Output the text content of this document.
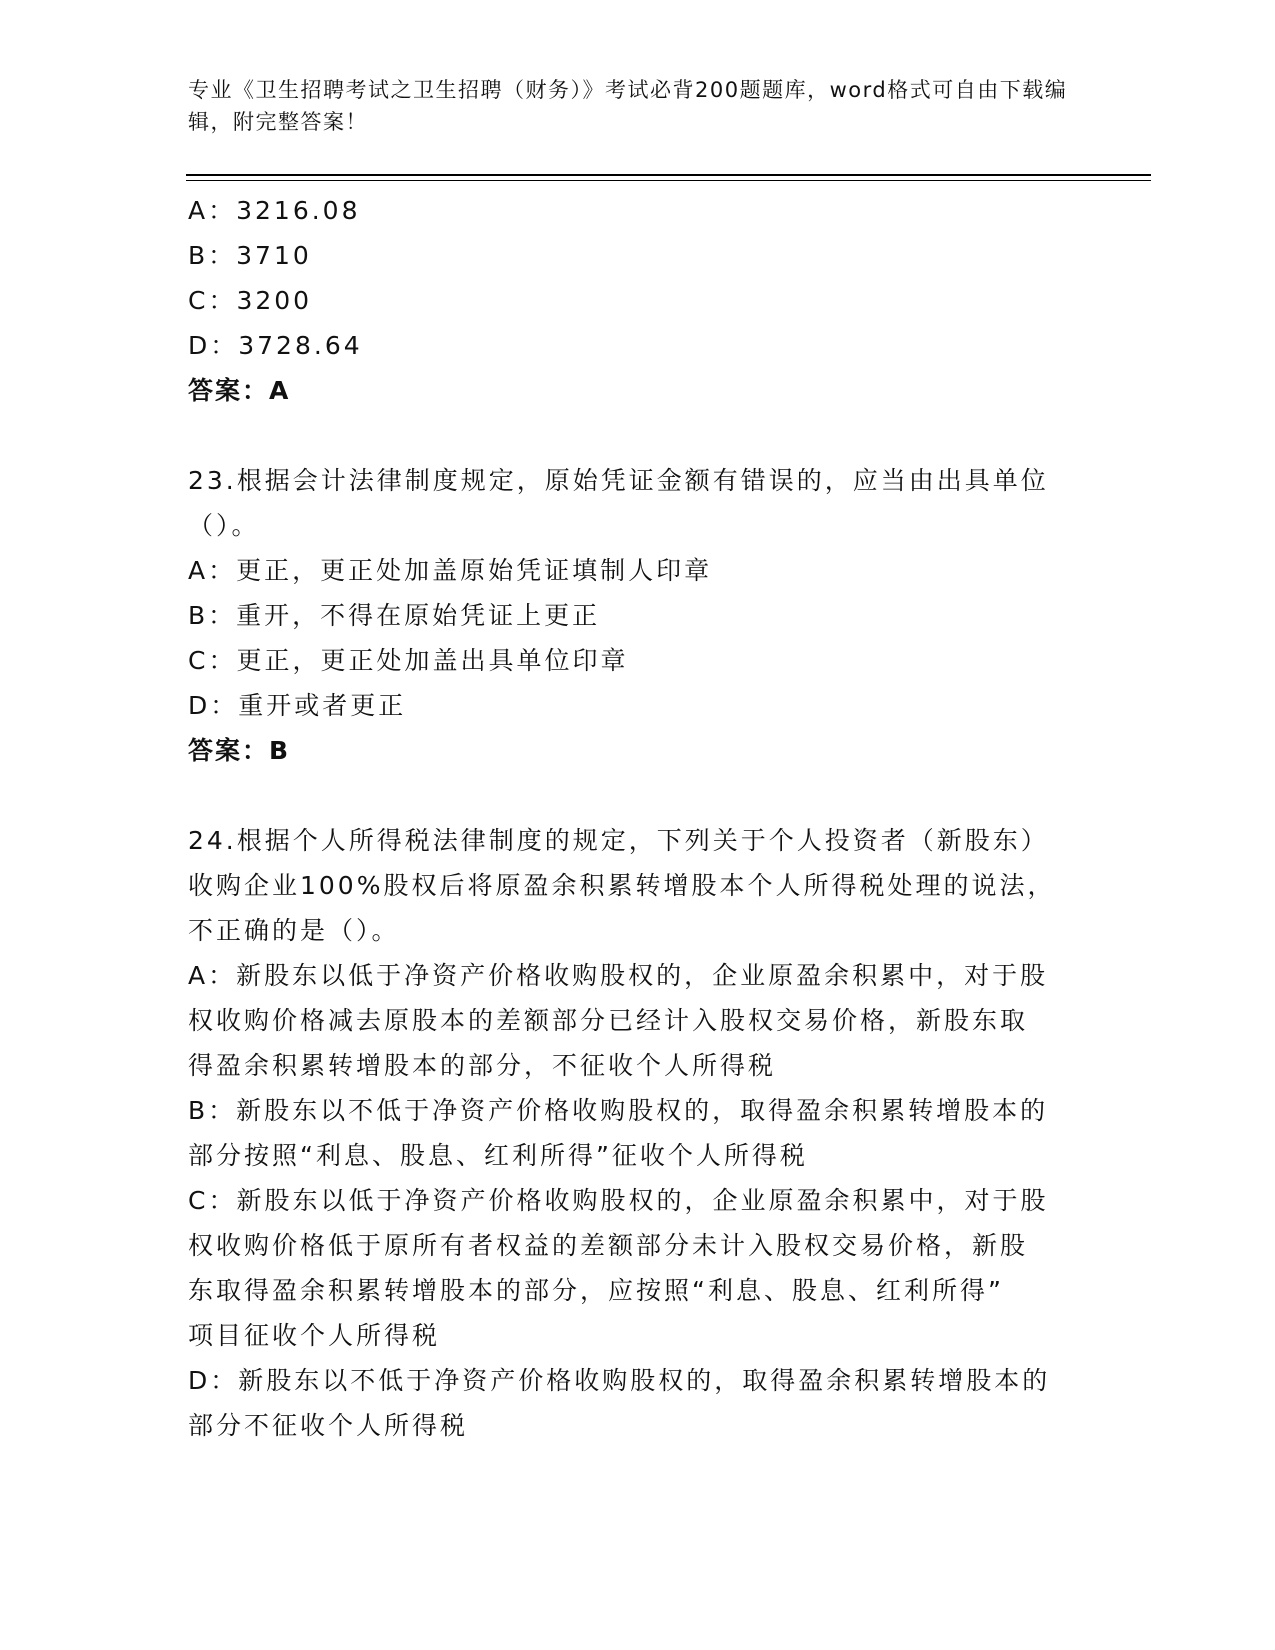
专业《卫生招聘考试之卫生招聘（财务）》考试必背200题题库，word格式可自由下载编辑，附完整答案！

A：3216.08

B：3710

C：3200

D：3728.64

答案：A

23.根据会计法律制度规定，原始凭证金额有错误的，应当由出具单位

（）。

A：更正，更正处加盖原始凭证填制人印章

B：重开，不得在原始凭证上更正

C：更正，更正处加盖出具单位印章

D：重开或者更正

答案：B

24.根据个人所得税法律制度的规定，下列关于个人投资者（新股东）

收购企业100%股权后将原盈余积累转增股本个人所得税处理的说法，

不正确的是（）。

A：新股东以低于净资产价格收购股权的，企业原盈余积累中，对于股

权收购价格减去原股本的差额部分已经计入股权交易价格，新股东取

得盈余积累转增股本的部分，不征收个人所得税

B：新股东以不低于净资产价格收购股权的，取得盈余积累转增股本的

部分按照“利息、股息、红利所得”征收个人所得税

C：新股东以低于净资产价格收购股权的，企业原盈余积累中，对于股

权收购价格低于原所有者权益的差额部分未计入股权交易价格，新股

东取得盈余积累转增股本的部分，应按照“利息、股息、红利所得”

项目征收个人所得税

D：新股东以不低于净资产价格收购股权的，取得盈余积累转增股本的

部分不征收个人所得税
